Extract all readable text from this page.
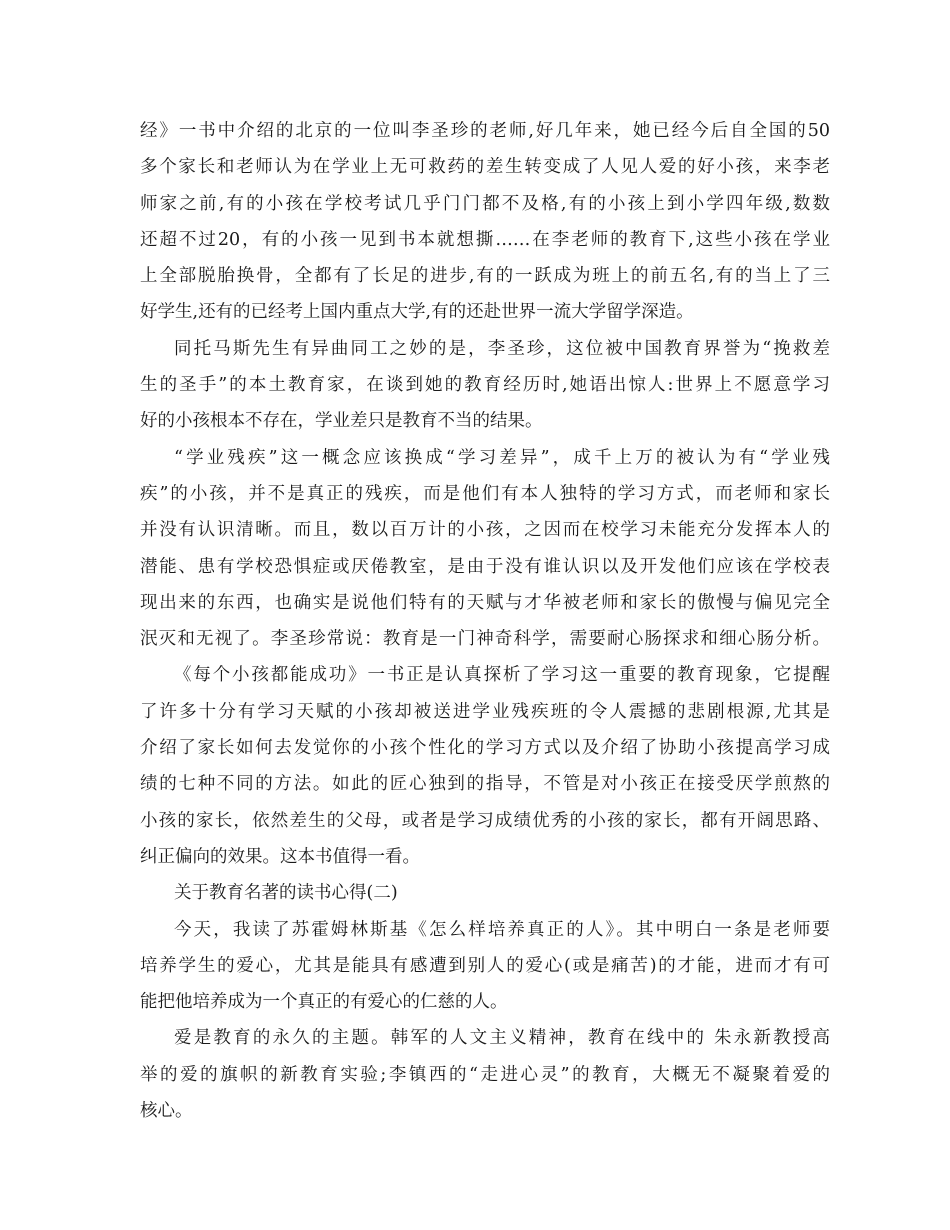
经》一书中介绍的北京的一位叫李圣珍的老师,好几年来，她已经今后自全国的50
多个家长和老师认为在学业上无可救药的差生转变成了人见人爱的好小孩，来李老
师家之前,有的小孩在学校考试几乎门门都不及格,有的小孩上到小学四年级,数数
还超不过20，有的小孩一见到书本就想撕……在李老师的教育下,这些小孩在学业
上全部脱胎换骨，全都有了长足的进步,有的一跃成为班上的前五名,有的当上了三
好学生,还有的已经考上国内重点大学,有的还赴世界一流大学留学深造。
同托马斯先生有异曲同工之妙的是，李圣珍，这位被中国教育界誉为“挽救差
生的圣手”的本土教育家，在谈到她的教育经历时,她语出惊人:世界上不愿意学习
好的小孩根本不存在，学业差只是教育不当的结果。
“学业残疾”这一概念应该换成“学习差异”，成千上万的被认为有“学业残
疾”的小孩，并不是真正的残疾，而是他们有本人独特的学习方式，而老师和家长
并没有认识清晰。而且，数以百万计的小孩，之因而在校学习未能充分发挥本人的
潜能、患有学校恐惧症或厌倦教室，是由于没有谁认识以及开发他们应该在学校表
现出来的东西，也确实是说他们特有的天赋与才华被老师和家长的傲慢与偏见完全
泯灭和无视了。李圣珍常说：教育是一门神奇科学，需要耐心肠探求和细心肠分析。
《每个小孩都能成功》一书正是认真探析了学习这一重要的教育现象，它提醒
了许多十分有学习天赋的小孩却被送进学业残疾班的令人震撼的悲剧根源,尤其是
介绍了家长如何去发觉你的小孩个性化的学习方式以及介绍了协助小孩提高学习成
绩的七种不同的方法。如此的匠心独到的指导，不管是对小孩正在接受厌学煎熬的
小孩的家长，依然差生的父母，或者是学习成绩优秀的小孩的家长，都有开阔思路、
纠正偏向的效果。这本书值得一看。
关于教育名著的读书心得(二)
今天，我读了苏霍姆林斯基《怎么样培养真正的人》。其中明白一条是老师要
培养学生的爱心，尤其是能具有感遭到别人的爱心(或是痛苦)的才能，进而才有可
能把他培养成为一个真正的有爱心的仁慈的人。
爱是教育的永久的主题。韩军的人文主义精神，教育在线中的 朱永新教授高
举的爱的旗帜的新教育实验;李镇西的“走进心灵”的教育，大概无不凝聚着爱的
核心。
